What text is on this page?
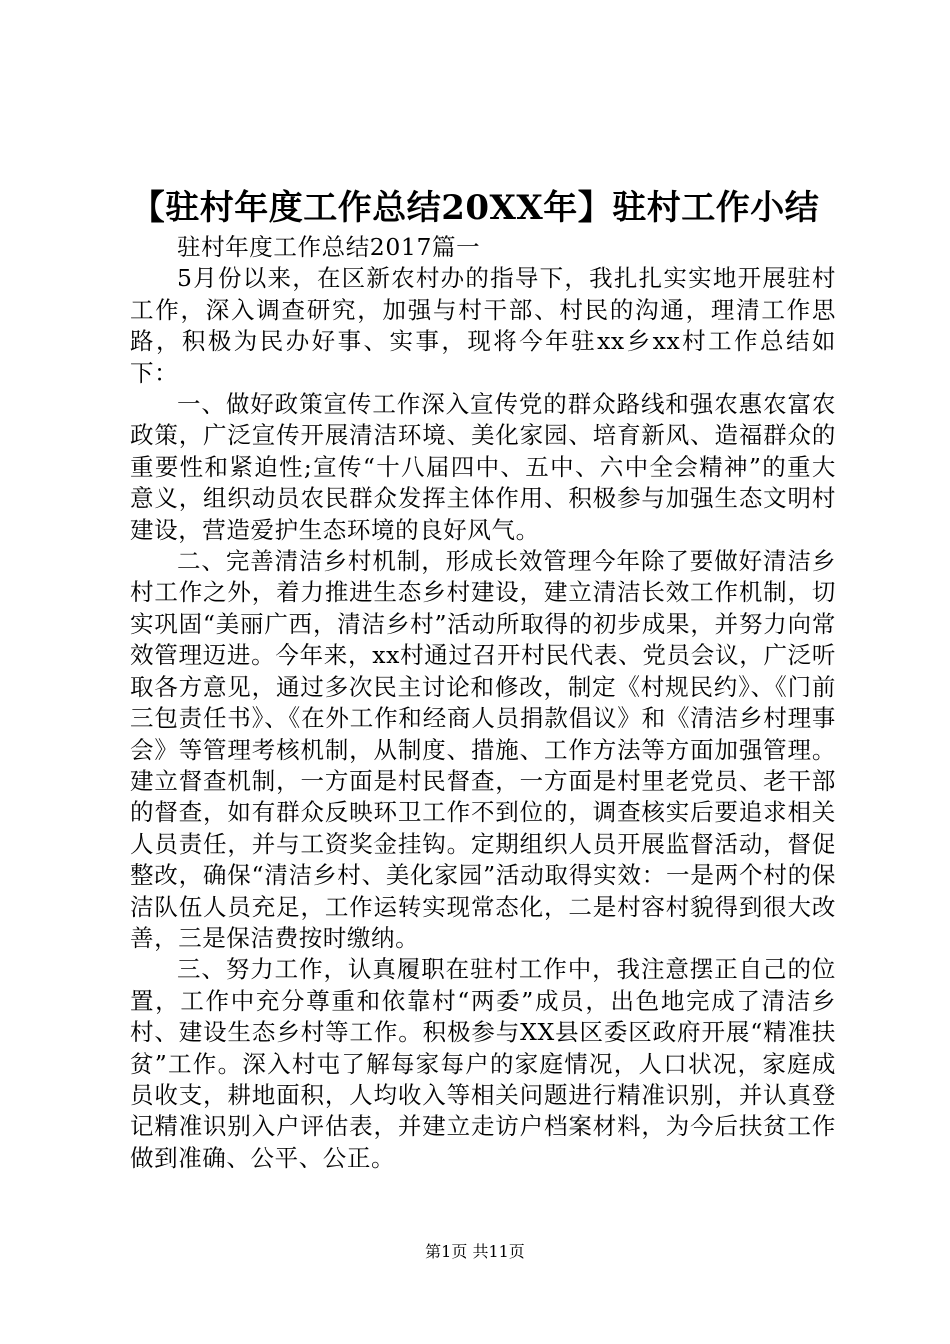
【驻村年度工作总结20XX年】驻村工作小结

驻村年度工作总结2017篇一

5月份以来，在区新农村办的指导下，我扎扎实实地开展驻村工作，深入调查研究，加强与村干部、村民的沟通，理清工作思路，积极为民办好事、实事，现将今年驻xx乡xx村工作总结如下：

一、做好政策宣传工作深入宣传党的群众路线和强农惠农富农政策，广泛宣传开展清洁环境、美化家园、培育新风、造福群众的重要性和紧迫性;宣传“十八届四中、五中、六中全会精神”的重大意义，组织动员农民群众发挥主体作用、积极参与加强生态文明村建设，营造爱护生态环境的良好风气。

二、完善清洁乡村机制，形成长效管理今年除了要做好清洁乡村工作之外，着力推进生态乡村建设，建立清洁长效工作机制，切实巩固“美丽广西，清洁乡村”活动所取得的初步成果，并努力向常效管理迈进。今年来，xx村通过召开村民代表、党员会议，广泛听取各方意见，通过多次民主讨论和修改，制定《村规民约》、《门前三包责任书》、《在外工作和经商人员捐款倡议》和《清洁乡村理事会》等管理考核机制，从制度、措施、工作方法等方面加强管理。建立督查机制，一方面是村民督查，一方面是村里老党员、老干部的督查，如有群众反映环卫工作不到位的，调查核实后要追求相关人员责任，并与工资奖金挂钩。定期组织人员开展监督活动，督促整改，确保“清洁乡村、美化家园”活动取得实效：一是两个村的保洁队伍人员充足，工作运转实现常态化，二是村容村貌得到很大改善，三是保洁费按时缴纳。

三、努力工作，认真履职在驻村工作中，我注意摆正自己的位置，工作中充分尊重和依靠村“两委”成员，出色地完成了清洁乡村、建设生态乡村等工作。积极参与XX县区委区政府开展“精准扶贫”工作。深入村屯了解每家每户的家庭情况，人口状况，家庭成员收支，耕地面积，人均收入等相关问题进行精准识别，并认真登记精准识别入户评估表，并建立走访户档案材料，为今后扶贫工作做到准确、公平、公正。

第1页 共11页
